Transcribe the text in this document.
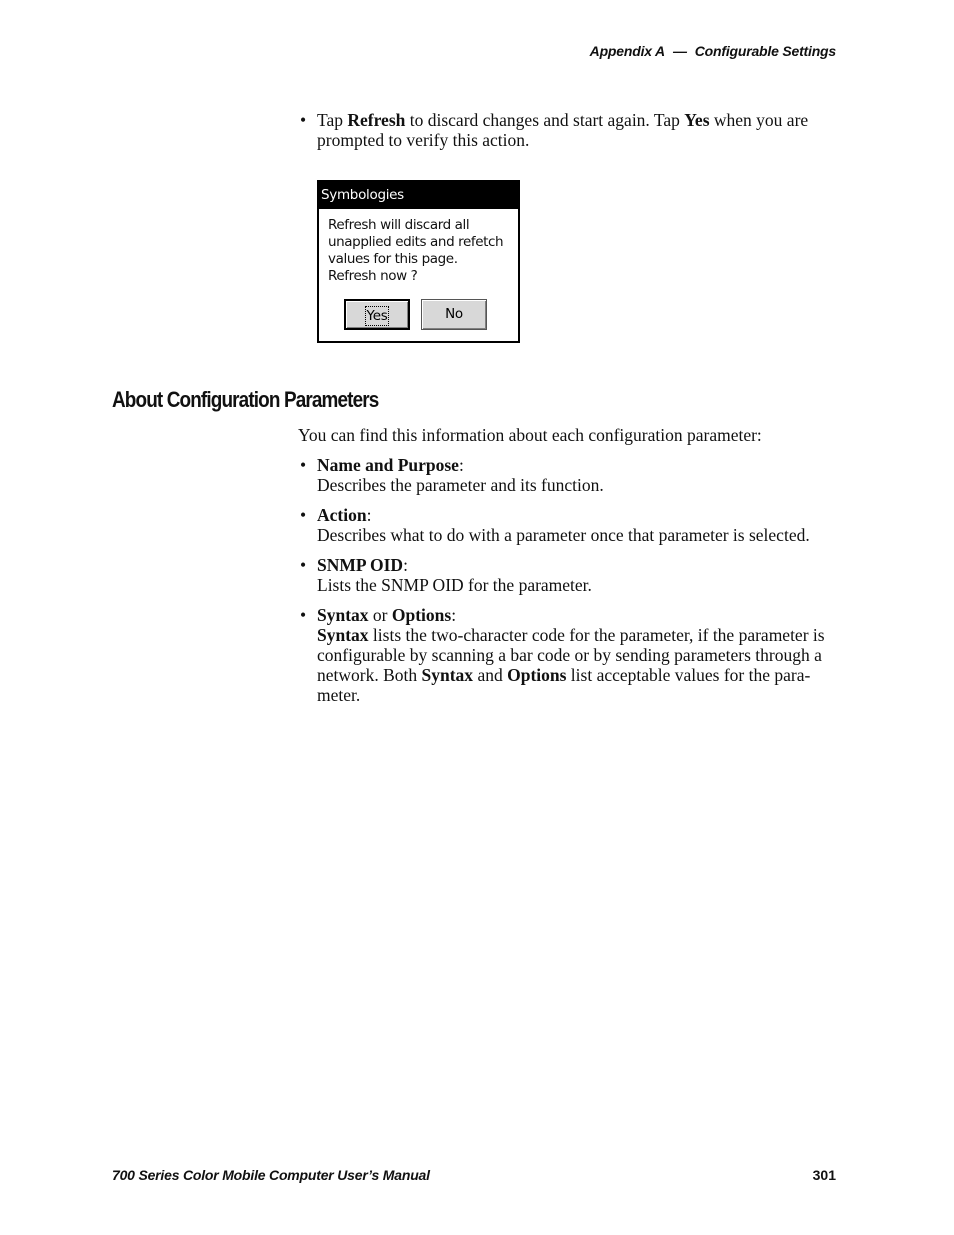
Appendix A — Configurable Settings
• Tap Refresh to discard changes and start again. Tap Yes when you are prompted to verify this action.
Symbologies
Refresh will discard all
unapplied edits and refetch
values for this page.
Refresh now ?
Yes	No
About Configuration Parameters

You can find this information about each configuration parameter:

• Name and Purpose:
Describes the parameter and its function.
• Action:
Describes what to do with a parameter once that parameter is selected.
• SNMP OID:
Lists the SNMP OID for the parameter.
• Syntax or Options:
Syntax lists the two-character code for the parameter, if the parameter is configurable by scanning a bar code or by sending parameters through a network. Both Syntax and Options list acceptable values for the para-meter.
700 Series Color Mobile Computer User’s Manual	301
